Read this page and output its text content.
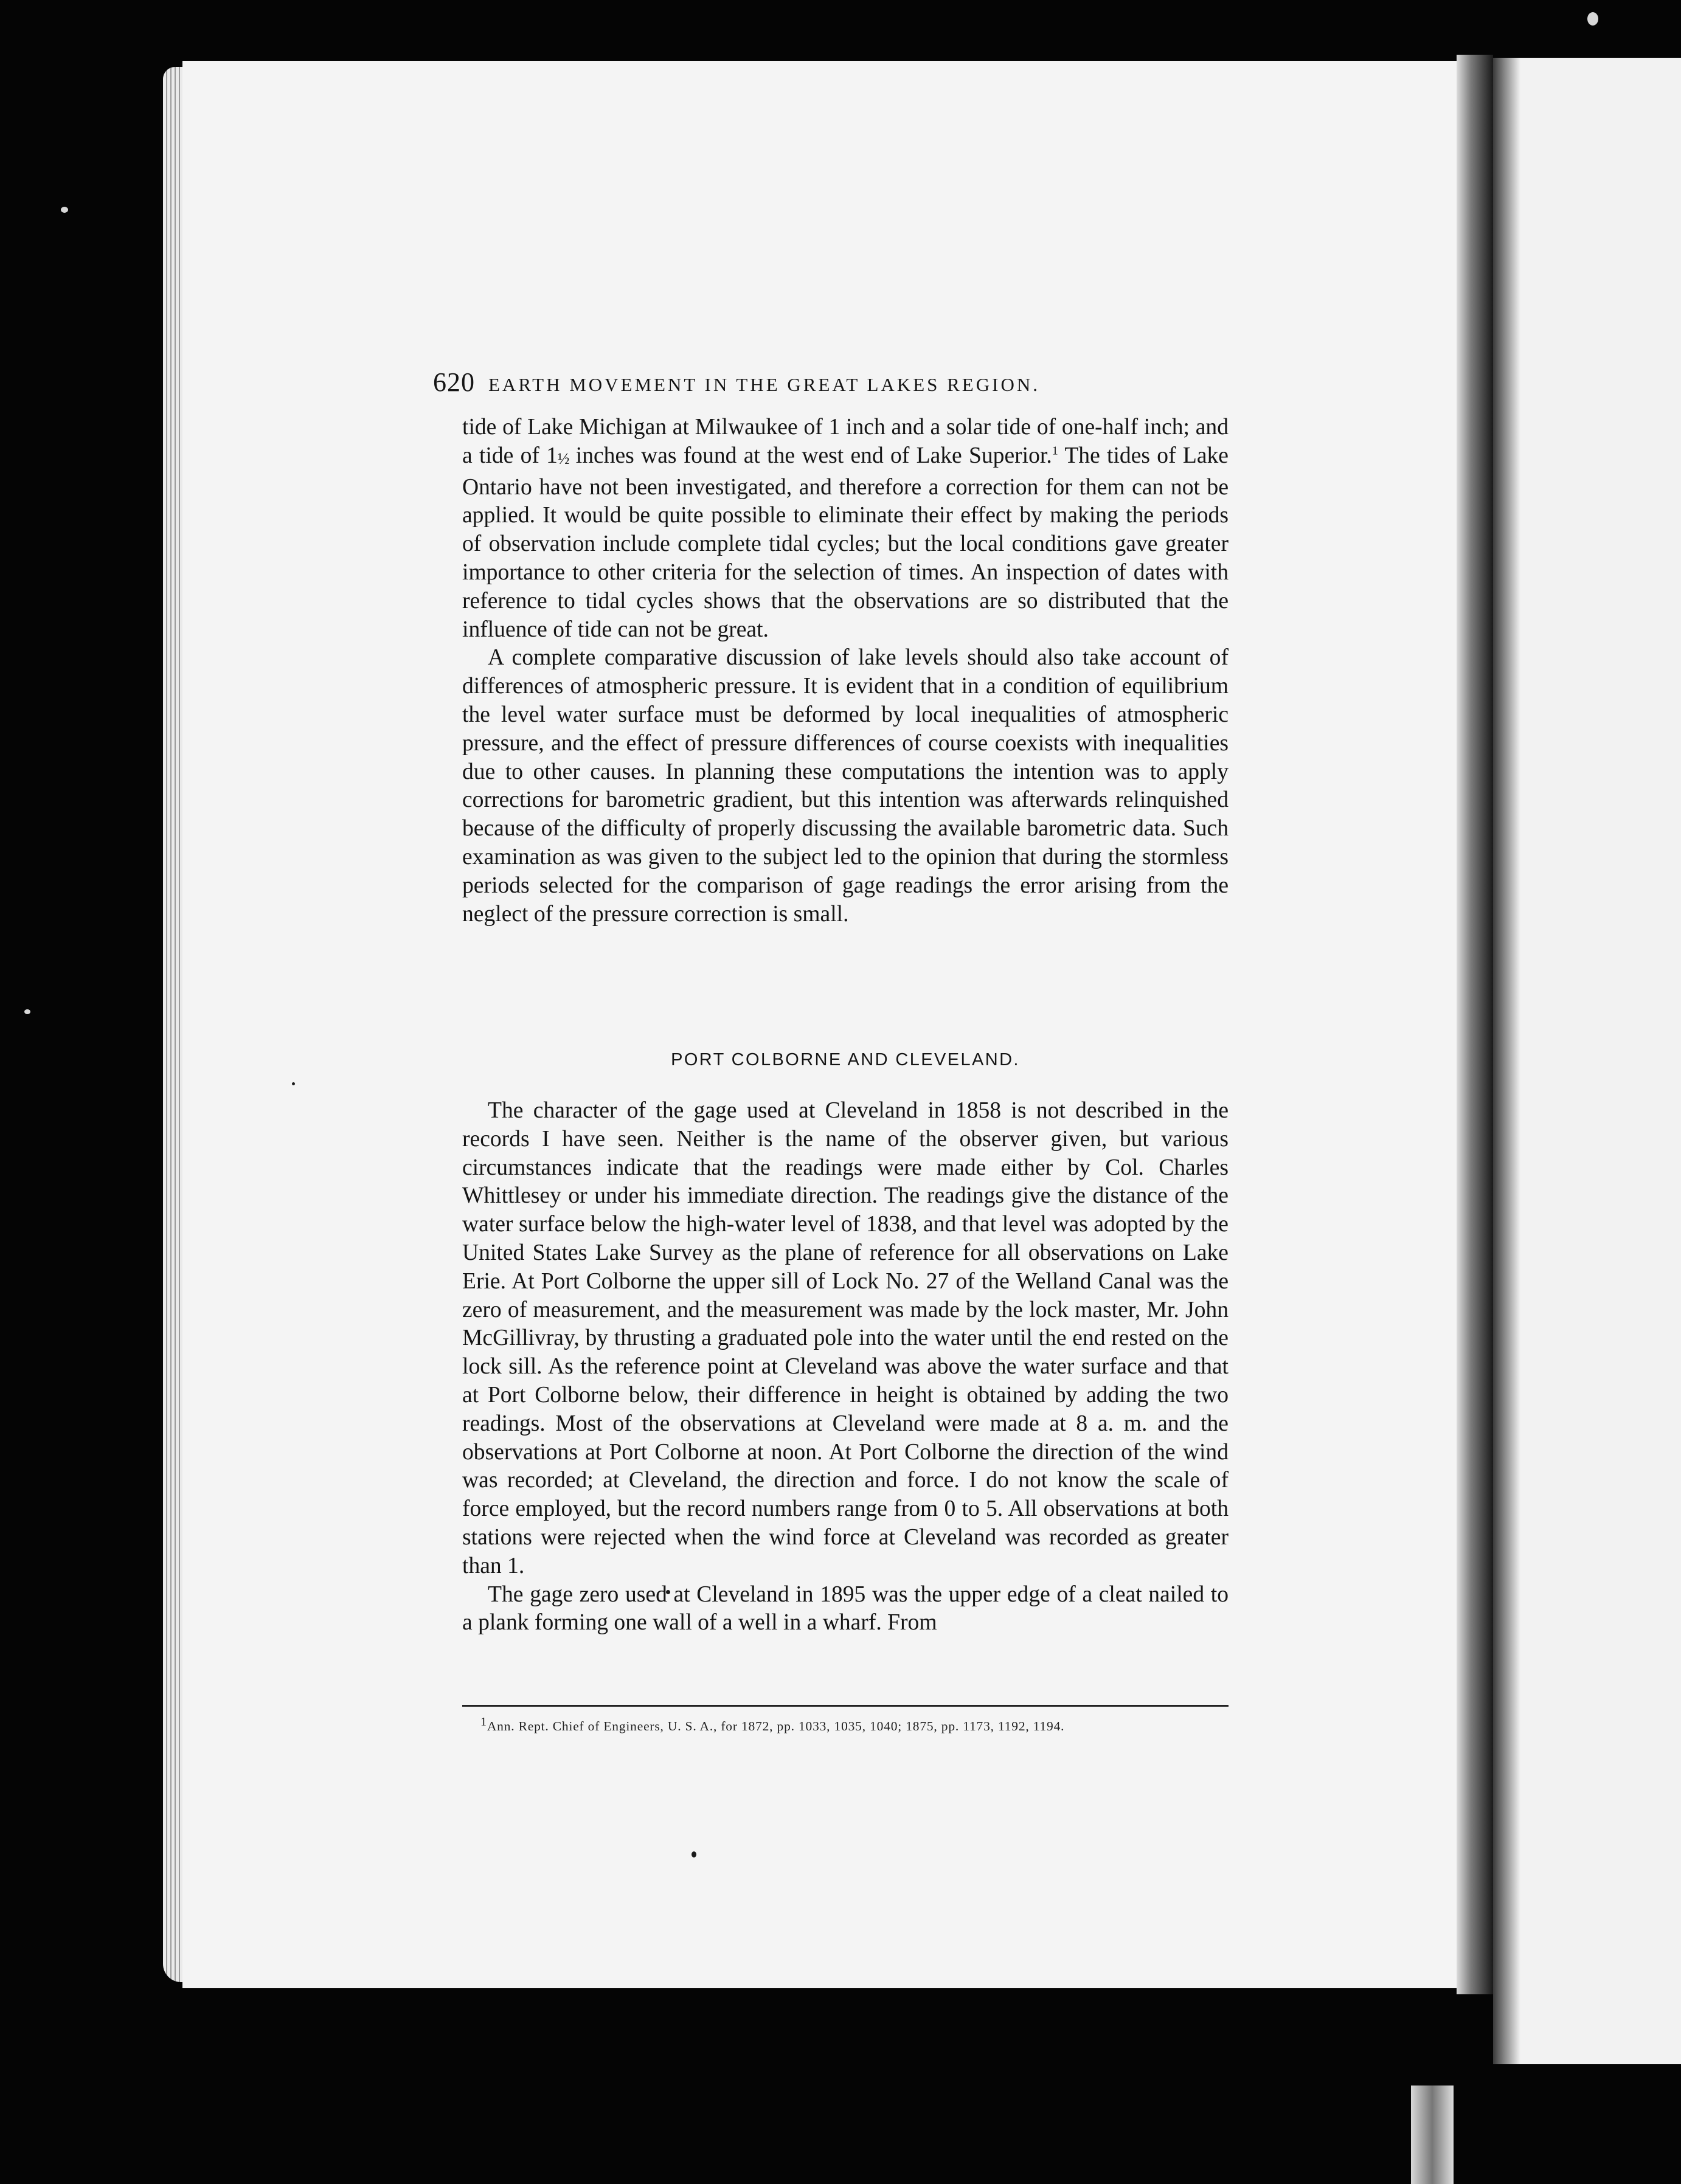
620 EARTH MOVEMENT IN THE GREAT LAKES REGION.

tide of Lake Michigan at Milwaukee of 1 inch and a solar tide of one-half inch; and a tide of 1½ inches was found at the west end of Lake Superior.$^1$ The tides of Lake Ontario have not been investigated, and therefore a correction for them can not be applied. It would be quite possible to eliminate their effect by making the periods of observation include complete tidal cycles; but the local conditions gave greater importance to other criteria for the selection of times. An inspection of dates with reference to tidal cycles shows that the observations are so distributed that the influence of tide can not be great.

A complete comparative discussion of lake levels should also take account of differences of atmospheric pressure. It is evident that in a condition of equilibrium the level water surface must be deformed by local inequalities of atmospheric pressure, and the effect of pressure differences of course coexists with inequalities due to other causes. In planning these computations the intention was to apply corrections for barometric gradient, but this intention was afterwards relinquished because of the difficulty of properly discussing the available barometric data. Such examination as was given to the subject led to the opinion that during the stormless periods selected for the comparison of gage readings the error arising from the neglect of the pressure correction is small.

PORT COLBORNE AND CLEVELAND.

The character of the gage used at Cleveland in 1858 is not described in the records I have seen. Neither is the name of the observer given, but various circumstances indicate that the readings were made either by Col. Charles Whittlesey or under his immediate direction. The readings give the distance of the water surface below the high-water level of 1838, and that level was adopted by the United States Lake Survey as the plane of reference for all observations on Lake Erie. At Port Colborne the upper sill of Lock No. 27 of the Welland Canal was the zero of measurement, and the measurement was made by the lock master, Mr. John McGillivray, by thrusting a graduated pole into the water until the end rested on the lock sill. As the reference point at Cleveland was above the water surface and that at Port Colborne below, their difference in height is obtained by adding the two readings. Most of the observations at Cleveland were made at 8 a. m. and the observations at Port Colborne at noon. At Port Colborne the direction of the wind was recorded; at Cleveland, the direction and force. I do not know the scale of force employed, but the record numbers range from 0 to 5. All observations at both stations were rejected when the wind force at Cleveland was recorded as greater than 1.

The gage zero used at Cleveland in 1895 was the upper edge of a cleat nailed to a plank forming one wall of a well in a wharf. From

1Ann. Rept. Chief of Engineers, U. S. A., for 1872, pp. 1033, 1035, 1040; 1875, pp. 1173, 1192, 1194.
